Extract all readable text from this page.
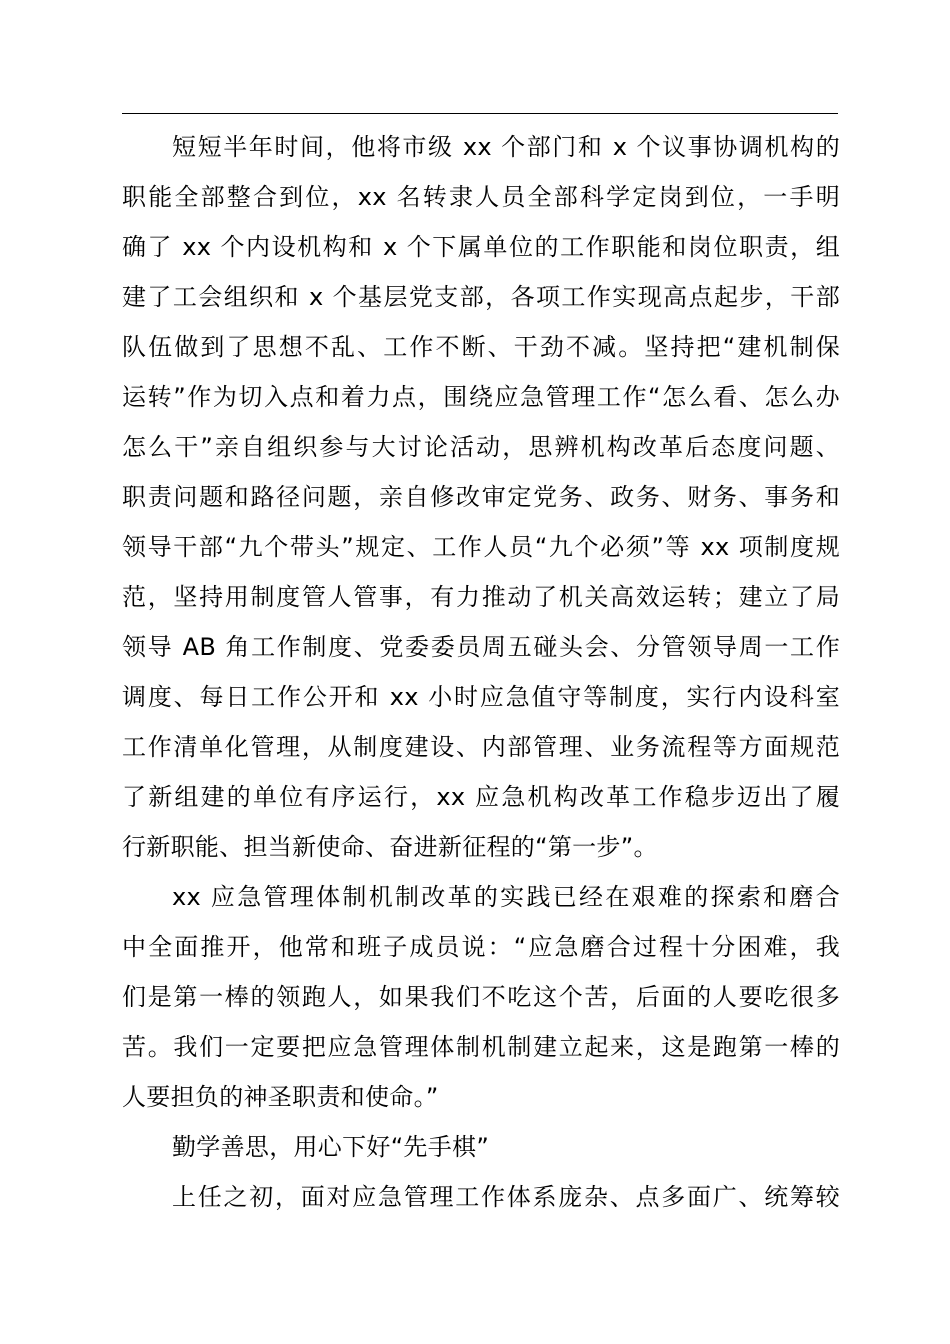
短短半年时间，他将市级 xx 个部门和 x 个议事协调机构的
职能全部整合到位，xx 名转隶人员全部科学定岗到位，一手明
确了 xx 个内设机构和 x 个下属单位的工作职能和岗位职责，组
建了工会组织和 x 个基层党支部，各项工作实现高点起步，干部
队伍做到了思想不乱、工作不断、干劲不减。坚持把“建机制保
运转”作为切入点和着力点，围绕应急管理工作“怎么看、怎么办
怎么干”亲自组织参与大讨论活动，思辨机构改革后态度问题、
职责问题和路径问题，亲自修改审定党务、政务、财务、事务和
领导干部“九个带头”规定、工作人员“九个必须”等 xx 项制度规
范，坚持用制度管人管事，有力推动了机关高效运转；建立了局
领导 AB 角工作制度、党委委员周五碰头会、分管领导周一工作
调度、每日工作公开和 xx 小时应急值守等制度，实行内设科室
工作清单化管理，从制度建设、内部管理、业务流程等方面规范
了新组建的单位有序运行，xx 应急机构改革工作稳步迈出了履
行新职能、担当新使命、奋进新征程的“第一步”。
xx 应急管理体制机制改革的实践已经在艰难的探索和磨合
中全面推开，他常和班子成员说：“应急磨合过程十分困难，我
们是第一棒的领跑人，如果我们不吃这个苦，后面的人要吃很多
苦。我们一定要把应急管理体制机制建立起来，这是跑第一棒的
人要担负的神圣职责和使命。”
勤学善思，用心下好“先手棋”
上任之初，面对应急管理工作体系庞杂、点多面广、统筹较
